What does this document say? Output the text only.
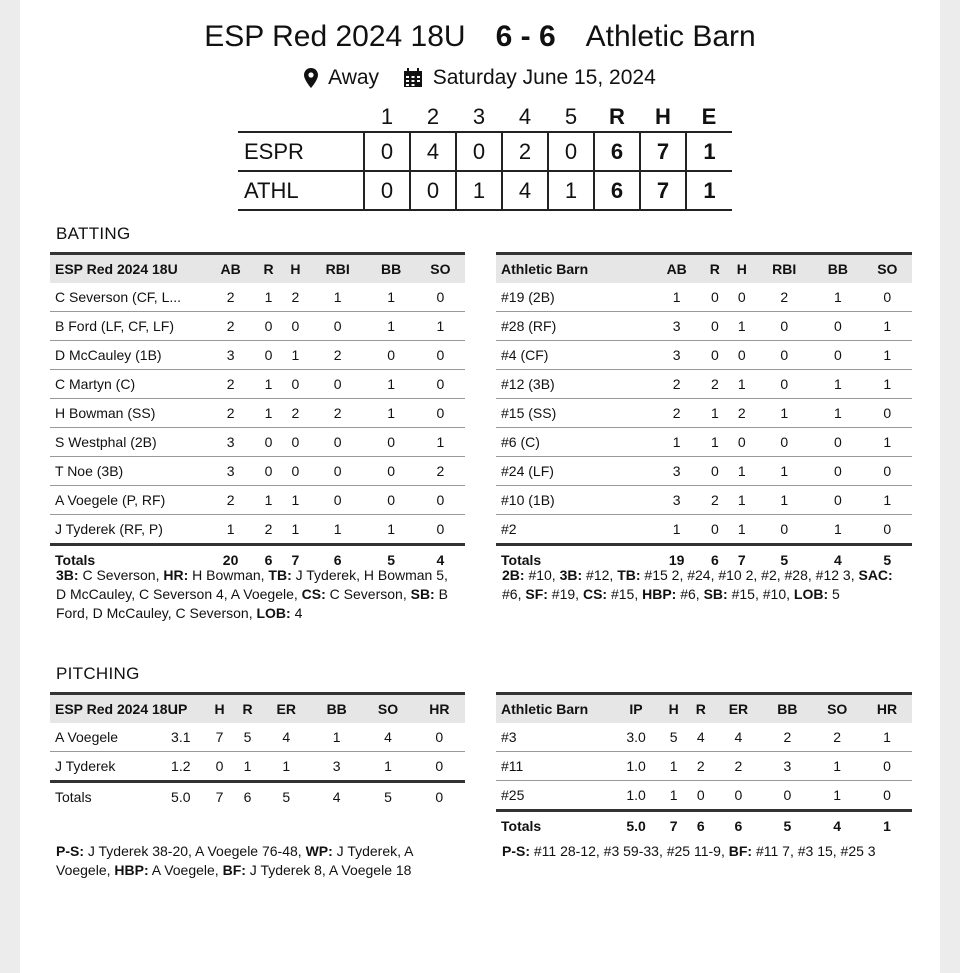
ESP Red 2024 18U 6 - 6 Athletic Barn
Away	Saturday June 15, 2024
	1	2	3	4	5	R	H	E
ESPR	0	4	0	2	0	6	7	1
ATHL	0	0	1	4	1	6	7	1
BATTING
ESP Red 2024 18U	AB	R	H	RBI	BB	SO
C Severson (CF, L...	2	1	2	1	1	0
B Ford (LF, CF, LF)	2	0	0	0	1	1
D McCauley (1B)	3	0	1	2	0	0
C Martyn (C)	2	1	0	0	1	0
H Bowman (SS)	2	1	2	2	1	0
S Westphal (2B)	3	0	0	0	0	1
T Noe (3B)	3	0	0	0	0	2
A Voegele (P, RF)	2	1	1	0	0	0
J Tyderek (RF, P)	1	2	1	1	1	0
Totals	20	6	7	6	5	4
Athletic Barn	AB	R	H	RBI	BB	SO
#19 (2B)	1	0	0	2	1	0
#28 (RF)	3	0	1	0	0	1
#4 (CF)	3	0	0	0	0	1
#12 (3B)	2	2	1	0	1	1
#15 (SS)	2	1	2	1	1	0
#6 (C)	1	1	0	0	0	1
#24 (LF)	3	0	1	1	0	0
#10 (1B)	3	2	1	1	0	1
#2	1	0	1	0	1	0
Totals	19	6	7	5	4	5
3B: C Severson, HR: H Bowman, TB: J Tyderek, H Bowman 5, D McCauley, C Severson 4, A Voegele, CS: C Severson, SB: B Ford, D McCauley, C Severson, LOB: 4
2B: #10, 3B: #12, TB: #15 2, #24, #10 2, #2, #28, #12 3, SAC: #6, SF: #19, CS: #15, HBP: #6, SB: #15, #10, LOB: 5
PITCHING
ESP Red 2024 18U	IP	H	R	ER	BB	SO	HR
A Voegele	3.1	7	5	4	1	4	0
J Tyderek	1.2	0	1	1	3	1	0
Totals	5.0	7	6	5	4	5	0
Athletic Barn	IP	H	R	ER	BB	SO	HR
#3	3.0	5	4	4	2	2	1
#11	1.0	1	2	2	3	1	0
#25	1.0	1	0	0	0	1	0
Totals	5.0	7	6	6	5	4	1
P-S: J Tyderek 38-20, A Voegele 76-48, WP: J Tyderek, A Voegele, HBP: A Voegele, BF: J Tyderek 8, A Voegele 18
P-S: #11 28-12, #3 59-33, #25 11-9, BF: #11 7, #3 15, #25 3
